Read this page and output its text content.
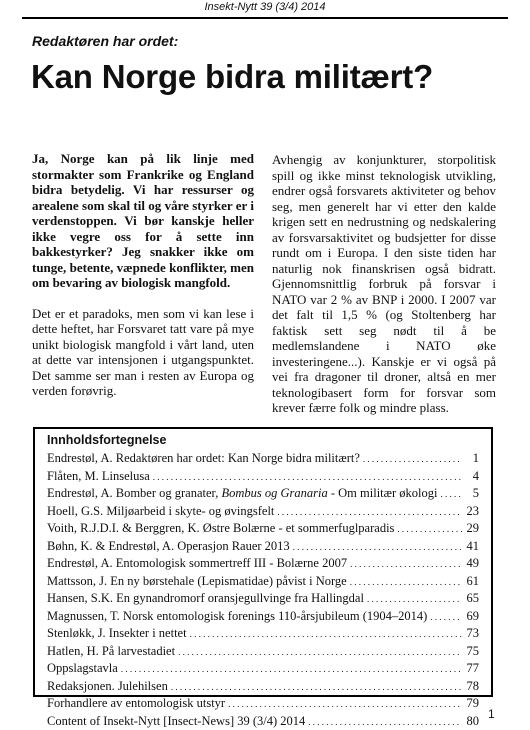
Insekt-Nytt 39 (3/4) 2014
Redaktøren har ordet:
Kan Norge bidra militært?

Ja, Norge kan på lik linje med stormakter som Frankrike og England bidra betydelig. Vi har ressurser og arealene som skal til og våre styrker er i verdenstoppen. Vi bør kanskje heller ikke vegre oss for å sette inn bakkestyrker? Jeg snakker ikke om tunge, betente, væpnede konflikter, men om bevaring av biologisk mangfold.

Det er et paradoks, men som vi kan lese i dette heftet, har Forsvaret tatt vare på mye unikt biologisk mangfold i vårt land, uten at dette var intensjonen i utgangspunktet. Det samme ser man i resten av Europa og verden forøvrig.

Avhengig av konjunkturer, storpolitisk spill og ikke minst teknologisk utvikling, endrer også forsvarets aktiviteter og behov seg, men generelt har vi etter den kalde krigen sett en nedrustning og nedskalering av forsvarsaktivitet og budsjetter for disse rundt om i Europa. I den siste tiden har naturlig nok finanskrisen også bidratt. Gjennomsnittlig forbruk på forsvar i NATO var 2 % av BNP i 2000. I 2007 var det falt til 1,5 % (og Stoltenberg har faktisk sett seg nødt til å be medlemslandene i NATO øke investeringene...). Kanskje er vi også på vei fra dragoner til droner, altså en mer teknologibasert form for forsvar som krever færre folk og mindre plass.

Innholdsfortegnelse
Endrestøl, A. Redaktøren har ordet: Kan Norge bidra militært? . . .	1
Flåten, M. Linselusa . . .	4
Endrestøl, A. Bomber og granater, Bombus og Granaria - Om militær økologi . . .	5
Hoell, G.S. Miljøarbeid i skyte- og øvingsfelt . . .	23
Voith, R.J.D.I. & Berggren, K. Østre Bolærne - et sommerfuglparadis . . .	29
Bøhn, K. & Endrestøl, A. Operasjon Rauer 2013 . . .	41
Endrestøl, A. Entomologisk sommertreff III - Bolærne 2007 . . .	49
Mattsson, J. En ny børstehale (Lepismatidae) påvist i Norge . . .	61
Hansen, S.K. En gynandromorf oransjegullvinge fra Hallingdal . . .	65
Magnussen, T. Norsk entomologisk forenings 110-årsjubileum (1904–2014) . . .	69
Stenløkk, J. Insekter i nettet . . .	73
Hatlen, H. På larvestadiet . . .	75
Oppslagstavla . . .	77
Redaksjonen. Julehilsen . . .	78
Forhandlere av entomologisk utstyr . . .	79
Content of Insekt-Nytt [Insect-News] 39 (3/4) 2014 . . .	80 1
